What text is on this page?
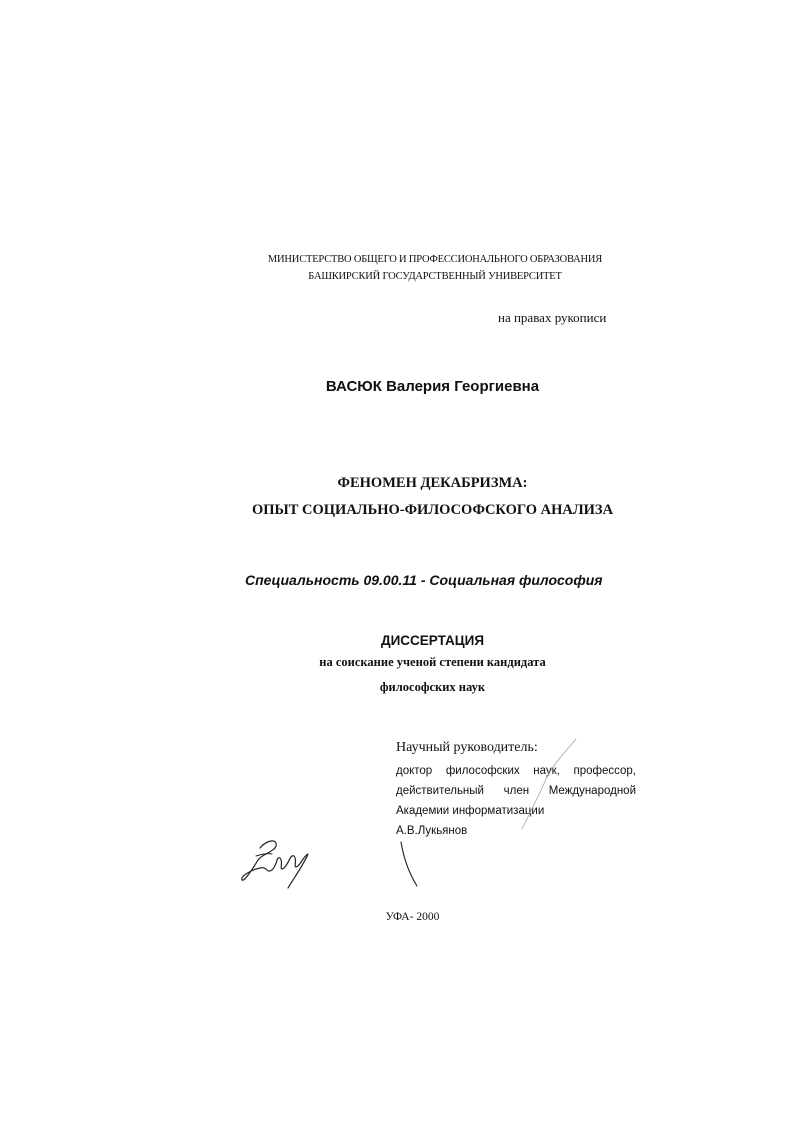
МИНИСТЕРСТВО ОБЩЕГО И ПРОФЕССИОНАЛЬНОГО ОБРАЗОВАНИЯ
БАШКИРСКИЙ ГОСУДАРСТВЕННЫЙ УНИВЕРСИТЕТ
на правах рукописи
ВАСЮК Валерия Георгиевна
ФЕНОМЕН ДЕКАБРИЗМА:
ОПЫТ СОЦИАЛЬНО-ФИЛОСОФСКОГО АНАЛИЗА
Специальность 09.00.11 - Социальная философия
ДИССЕРТАЦИЯ
на соискание ученой степени кандидата
философских наук
Научный руководитель:
доктор философских наук, профессор,
действительный член Международной
Академии информатизации
А.В.Лукьянов
УФА- 2000
